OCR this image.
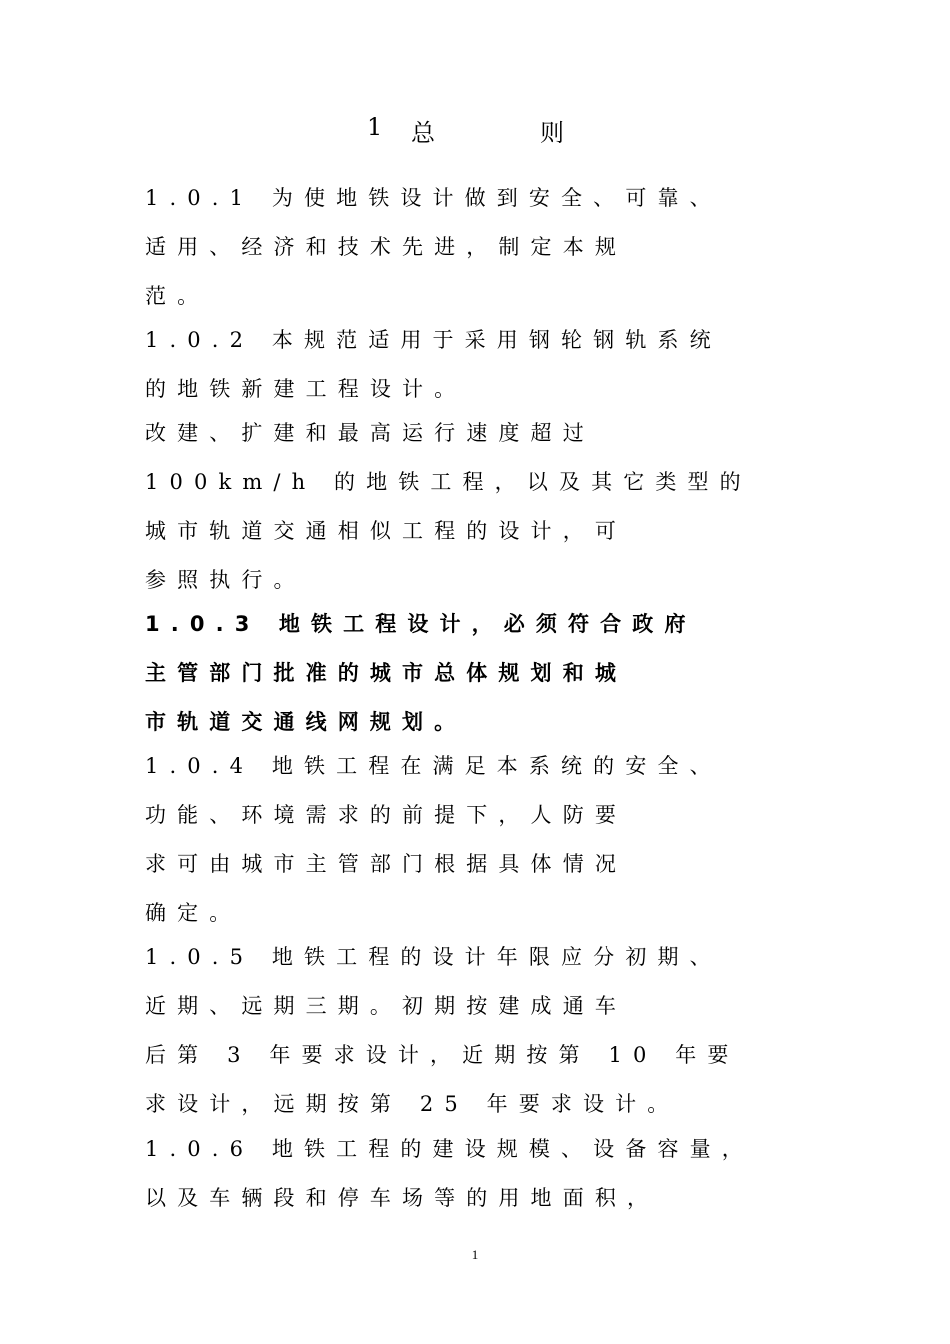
1 总	则
1.0.1 为使地铁设计做到安全、可靠、
适用、经济和技术先进，制定本规
范。
1.0.2 本规范适用于采用钢轮钢轨系统
的地铁新建工程设计。
改建、扩建和最高运行速度超过
100km/h 的地铁工程，以及其它类型的
城市轨道交通相似工程的设计，可
参照执行。
1.0.3 地铁工程设计，必须符合政府
主管部门批准的城市总体规划和城
市轨道交通线网规划。
1.0.4 地铁工程在满足本系统的安全、
功能、环境需求的前提下，人防要
求可由城市主管部门根据具体情况
确定。
1.0.5 地铁工程的设计年限应分初期、
近期、远期三期。初期按建成通车
后第 3 年要求设计，近期按第 10 年要
求设计，远期按第 25 年要求设计。
1.0.6 地铁工程的建设规模、设备容量，
以及车辆段和停车场等的用地面积，
1
